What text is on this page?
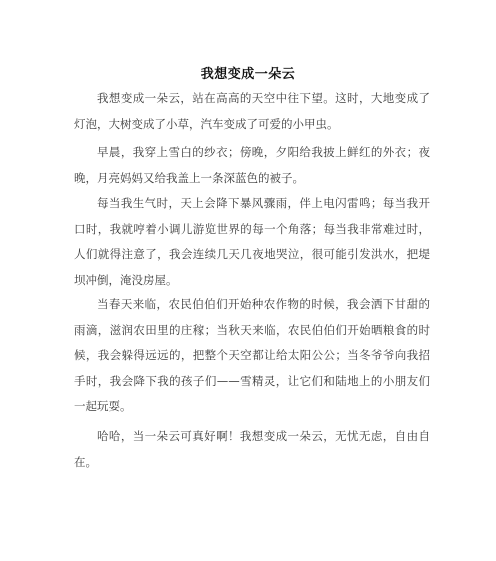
我想变成一朵云

我想变成一朵云，站在高高的天空中往下望。这时，大地变成了灯泡，大树变成了小草，汽车变成了可爱的小甲虫。

早晨，我穿上雪白的纱衣；傍晚，夕阳给我披上鲜红的外衣；夜晚，月亮妈妈又给我盖上一条深蓝色的被子。

每当我生气时，天上会降下暴风骤雨，伴上电闪雷鸣；每当我开口时，我就哼着小调儿游览世界的每一个角落；每当我非常难过时，人们就得注意了，我会连续几天几夜地哭泣，很可能引发洪水，把堤坝冲倒，淹没房屋。

当春天来临，农民伯伯们开始种农作物的时候，我会洒下甘甜的雨滴，滋润农田里的庄稼；当秋天来临，农民伯伯们开始晒粮食的时候，我会躲得远远的，把整个天空都让给太阳公公；当冬爷爷向我招手时，我会降下我的孩子们——雪精灵，让它们和陆地上的小朋友们一起玩耍。

哈哈，当一朵云可真好啊！我想变成一朵云，无忧无虑，自由自在。
